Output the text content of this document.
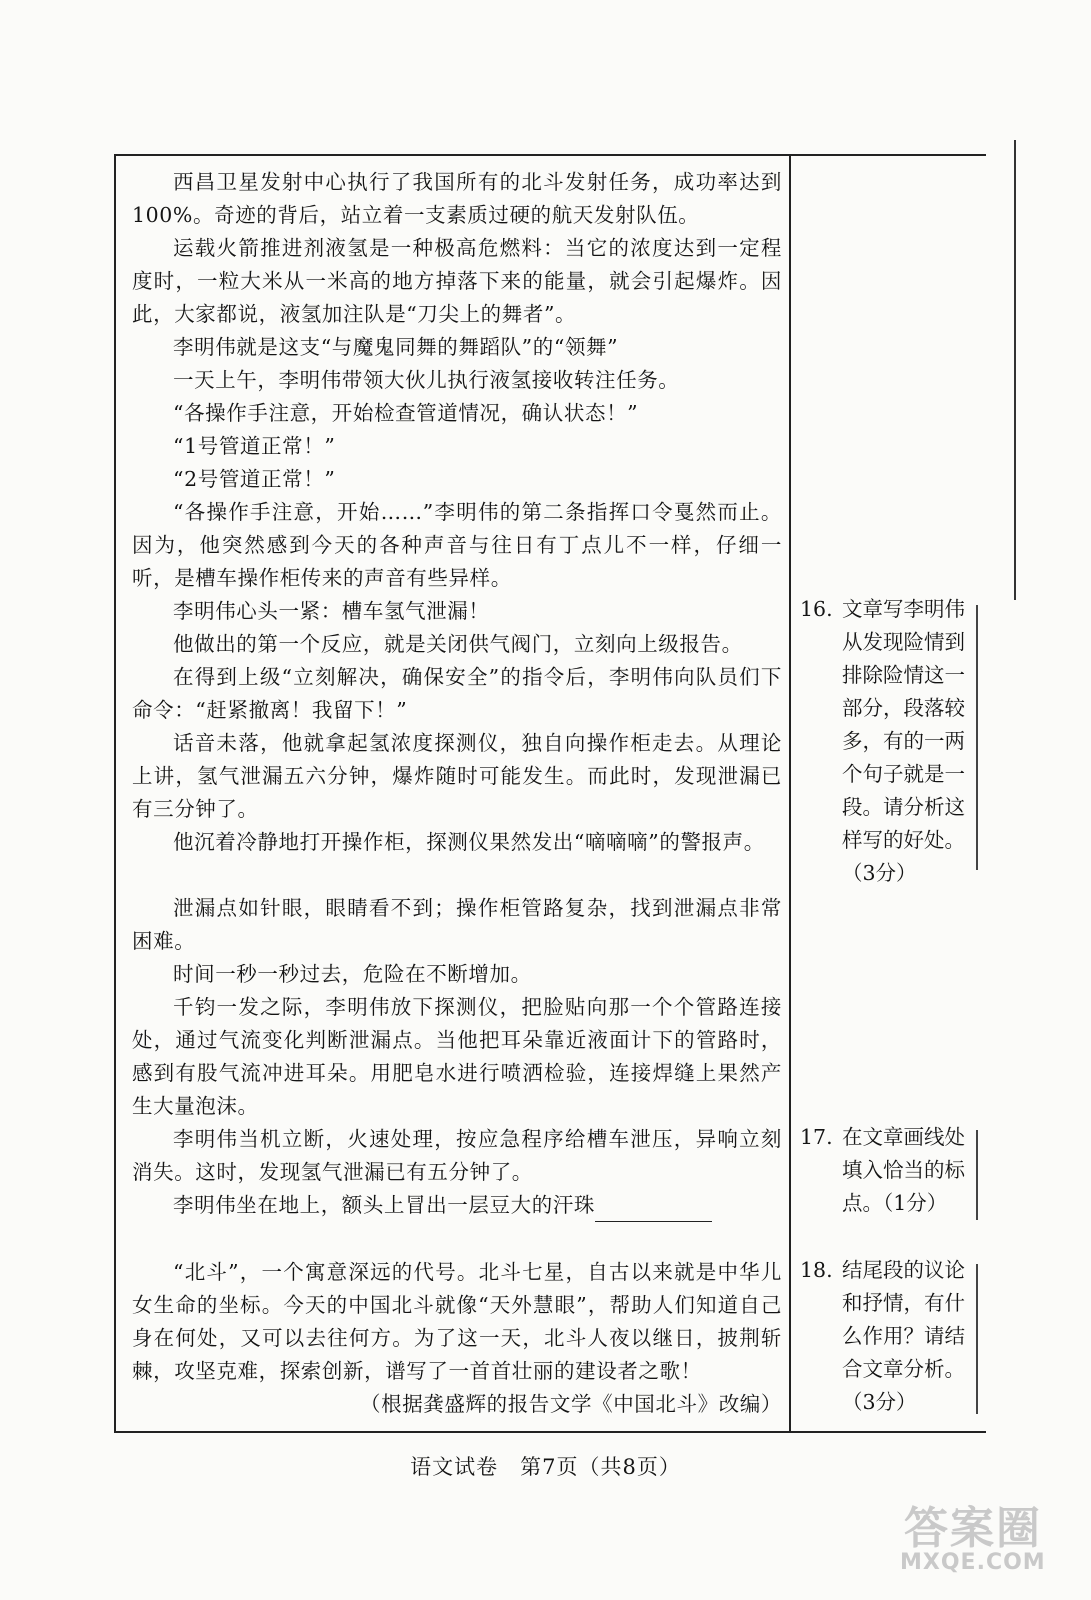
西昌卫星发射中心执行了我国所有的北斗发射任务，成功率达到100%。奇迹的背后，站立着一支素质过硬的航天发射队伍。

运载火箭推进剂液氢是一种极高危燃料：当它的浓度达到一定程度时，一粒大米从一米高的地方掉落下来的能量，就会引起爆炸。因此，大家都说，液氢加注队是“刀尖上的舞者”。

李明伟就是这支“与魔鬼同舞的舞蹈队”的“领舞”

一天上午，李明伟带领大伙儿执行液氢接收转注任务。

“各操作手注意，开始检查管道情况，确认状态！”

“1号管道正常！”

“2号管道正常！”

“各操作手注意，开始……”李明伟的第二条指挥口令戛然而止。因为，他突然感到今天的各种声音与往日有丁点儿不一样，仔细一听，是槽车操作柜传来的声音有些异样。

李明伟心头一紧：槽车氢气泄漏！

他做出的第一个反应，就是关闭供气阀门，立刻向上级报告。

在得到上级“立刻解决，确保安全”的指令后，李明伟向队员们下命令：“赶紧撤离！我留下！”

话音未落，他就拿起氢浓度探测仪，独自向操作柜走去。从理论上讲，氢气泄漏五六分钟，爆炸随时可能发生。而此时，发现泄漏已有三分钟了。

他沉着冷静地打开操作柜，探测仪果然发出“嘀嘀嘀”的警报声。

泄漏点如针眼，眼睛看不到；操作柜管路复杂，找到泄漏点非常困难。

时间一秒一秒过去，危险在不断增加。

千钧一发之际，李明伟放下探测仪，把脸贴向那一个个管路连接处，通过气流变化判断泄漏点。当他把耳朵靠近液面计下的管路时，感到有股气流冲进耳朵。用肥皂水进行喷洒检验，连接焊缝上果然产生大量泡沫。

李明伟当机立断，火速处理，按应急程序给槽车泄压，异响立刻消失。这时，发现氢气泄漏已有五分钟了。

李明伟坐在地上，额头上冒出一层豆大的汗珠

“北斗”，一个寓意深远的代号。北斗七星，自古以来就是中华儿女生命的坐标。今天的中国北斗就像“天外慧眼”，帮助人们知道自己身在何处，又可以去往何方。为了这一天，北斗人夜以继日，披荆斩棘，攻坚克难，探索创新，谱写了一首首壮丽的建设者之歌！

（根据龚盛辉的报告文学《中国北斗》改编）

16. 文章写李明伟从发现险情到排除险情这一部分，段落较多，有的一两个句子就是一段。请分析这样写的好处。（3分）
17. 在文章画线处填入恰当的标点。（1分）
18. 结尾段的议论和抒情，有什么作用？请结合文章分析。（3分）
语文试卷　第7页（共8页）
答案圈
MXQE.COM
